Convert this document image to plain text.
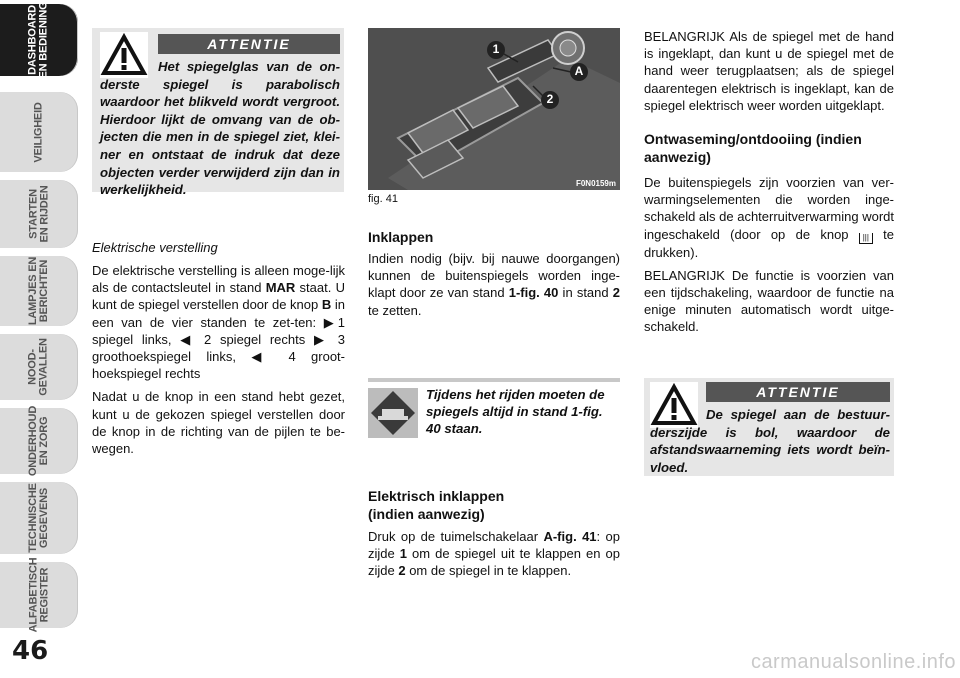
DASHBOARD
EN BEDIENING
VEILIGHEID
STARTEN
EN RIJDEN
LAMPJES EN
BERICHTEN
NOOD-
GEVALLEN
ONDERHOUD
EN ZORG
TECHNISCHE
GEGEVENS
ALFABETISCH
REGISTER
46
ATTENTIE
Het spiegelglas van de on-derste spiegel is parabolisch waardoor het blikveld wordt vergroot. Hierdoor lijkt de omvang van de ob-jecten die men in de spiegel ziet, klei-ner en ontstaat de indruk dat deze objecten verder verwijderd zijn dan in werkelijkheid.
Elektrische verstelling

De elektrische verstelling is alleen moge-lijk als de contactsleutel in stand MAR staat. U kunt de spiegel verstellen door de knop B in een van de vier standen te zet-ten: ▶1 spiegel links, ◀ 2 spiegel rechts ▶ 3 groothoekspiegel links, ◀ 4 groot-hoekspiegel rechts

Nadat u de knop in een stand hebt gezet, kunt u de gekozen spiegel verstellen door de knop in de richting van de pijlen te be-wegen.

1
2
A
F0N0159m
fig. 41
Inklappen

Indien nodig (bijv. bij nauwe doorgangen) kunnen de buitenspiegels worden inge-klapt door ze van stand 1-fig. 40 in stand 2 te zetten.

Tijdens het rijden moeten de spiegels altijd in stand 1-fig. 40 staan.
Elektrisch inklappen
(indien aanwezig)

Druk op de tuimelschakelaar A-fig. 41: op zijde 1 om de spiegel uit te klappen en op zijde 2 om de spiegel in te klappen.

BELANGRIJK Als de spiegel met de hand is ingeklapt, dan kunt u de spiegel met de hand weer terugplaatsen; als de spiegel daarentegen elektrisch is ingeklapt, kan de spiegel elektrisch weer worden uitgeklapt.
Ontwaseming/ontdooiing (indien aanwezig)

De buitenspiegels zijn voorzien van ver-warmingselementen die worden inge-schakeld als de achterruitverwarming wordt ingeschakeld (door op de knop ||| te drukken).

BELANGRIJK De functie is voorzien van een tijdschakeling, waardoor de functie na enige minuten automatisch wordt uitge-schakeld.

ATTENTIE
De spiegel aan de bestuur-derszijde is bol, waardoor de afstandswaarneming iets wordt beïn-vloed.
carmanualsonline.info
